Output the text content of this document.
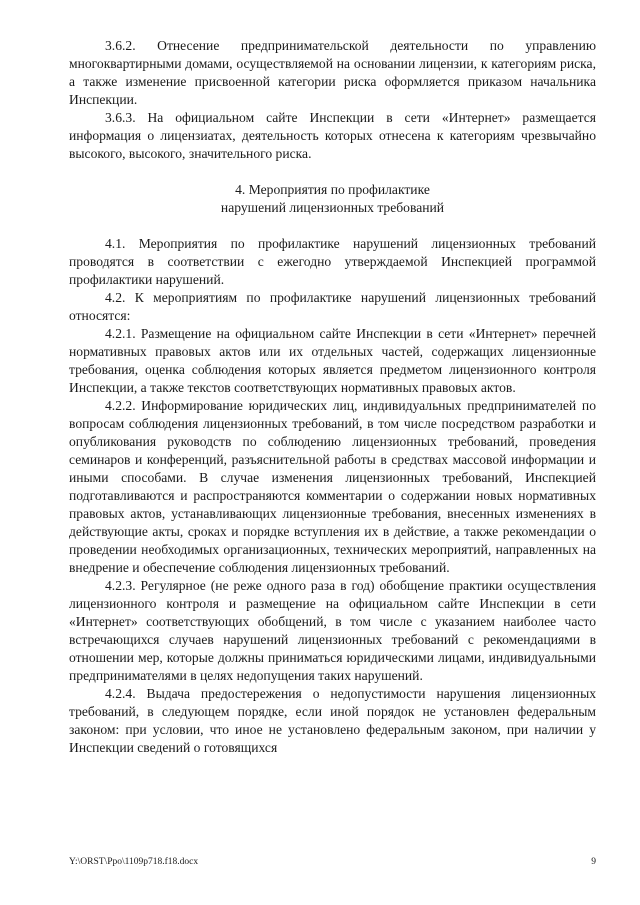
3.6.2. Отнесение предпринимательской деятельности по управлению многоквартирными домами, осуществляемой на основании лицензии, к категориям риска, а также изменение присвоенной категории риска оформляется приказом начальника Инспекции.

3.6.3. На официальном сайте Инспекции в сети «Интернет» размещается информация о лицензиатах, деятельность которых отнесена к категориям чрезвычайно высокого, высокого, значительного риска.

4. Мероприятия по профилактике

нарушений лицензионных требований

4.1. Мероприятия по профилактике нарушений лицензионных требований проводятся в соответствии с ежегодно утверждаемой Инспекцией программой профилактики нарушений.

4.2. К мероприятиям по профилактике нарушений лицензионных требований относятся:

4.2.1. Размещение на официальном сайте Инспекции в сети «Интернет» перечней нормативных правовых актов или их отдельных частей, содержащих лицензионные требования, оценка соблюдения которых является предметом лицензионного контроля Инспекции, а также текстов соответствующих нормативных правовых актов.

4.2.2. Информирование юридических лиц, индивидуальных предпринимателей по вопросам соблюдения лицензионных требований, в том числе посредством разработки и опубликования руководств по соблюдению лицензионных требований, проведения семинаров и конференций, разъяснительной работы в средствах массовой информации и иными способами. В случае изменения лицензионных требований, Инспекцией подготавливаются и распространяются комментарии о содержании новых нормативных правовых актов, устанавливающих лицензионные требования, внесенных изменениях в действующие акты, сроках и порядке вступления их в действие, а также рекомендации о проведении необходимых организационных, технических мероприятий, направленных на внедрение и обеспечение соблюдения лицензионных требований.

4.2.3. Регулярное (не реже одного раза в год) обобщение практики осуществления лицензионного контроля и размещение на официальном сайте Инспекции в сети «Интернет» соответствующих обобщений, в том числе с указанием наиболее часто встречающихся случаев нарушений лицензионных требований с рекомендациями в отношении мер, которые должны приниматься юридическими лицами, индивидуальными предпринимателями в целях недопущения таких нарушений.

4.2.4. Выдача предостережения о недопустимости нарушения лицензионных требований, в следующем порядке, если иной порядок не установлен федеральным законом: при условии, что иное не установлено федеральным законом, при наличии у Инспекции сведений о готовящихся

Y:\ORST\Ppo\1109p718.f18.docx	9
